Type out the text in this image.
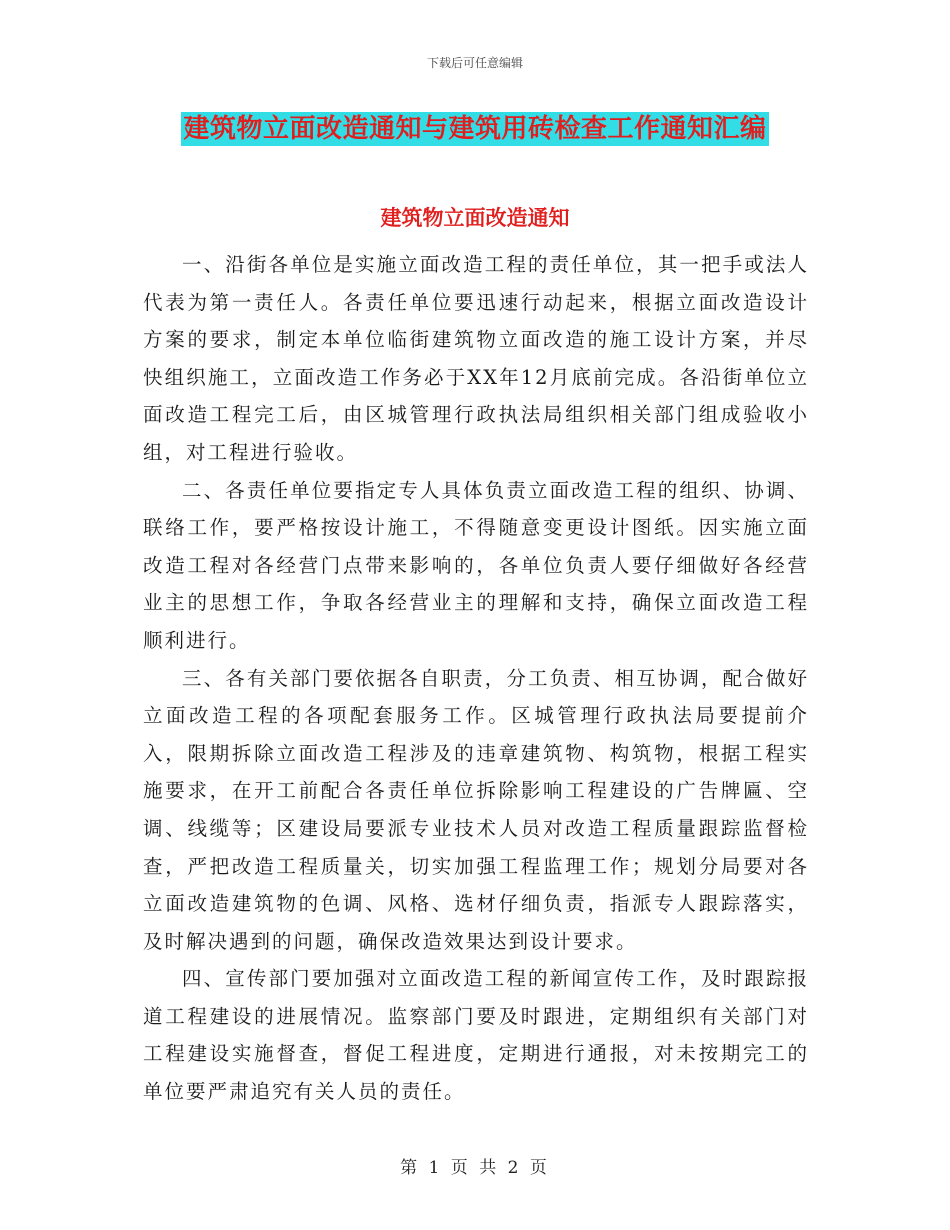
下载后可任意编辑
建筑物立面改造通知与建筑用砖检查工作通知汇编
建筑物立面改造通知

一、沿街各单位是实施立面改造工程的责任单位，其一把手或法人代表为第一责任人。各责任单位要迅速行动起来，根据立面改造设计方案的要求，制定本单位临街建筑物立面改造的施工设计方案，并尽快组织施工，立面改造工作务必于XX年12月底前完成。各沿街单位立面改造工程完工后，由区城管理行政执法局组织相关部门组成验收小组，对工程进行验收。

二、各责任单位要指定专人具体负责立面改造工程的组织、协调、联络工作，要严格按设计施工，不得随意变更设计图纸。因实施立面改造工程对各经营门点带来影响的，各单位负责人要仔细做好各经营业主的思想工作，争取各经营业主的理解和支持，确保立面改造工程顺利进行。

三、各有关部门要依据各自职责，分工负责、相互协调，配合做好立面改造工程的各项配套服务工作。区城管理行政执法局要提前介入，限期拆除立面改造工程涉及的违章建筑物、构筑物，根据工程实施要求，在开工前配合各责任单位拆除影响工程建设的广告牌匾、空调、线缆等；区建设局要派专业技术人员对改造工程质量跟踪监督检查，严把改造工程质量关，切实加强工程监理工作；规划分局要对各立面改造建筑物的色调、风格、选材仔细负责，指派专人跟踪落实，及时解决遇到的问题，确保改造效果达到设计要求。

四、宣传部门要加强对立面改造工程的新闻宣传工作，及时跟踪报道工程建设的进展情况。监察部门要及时跟进，定期组织有关部门对工程建设实施督查，督促工程进度，定期进行通报，对未按期完工的单位要严肃追究有关人员的责任。

第 1 页 共 2 页
